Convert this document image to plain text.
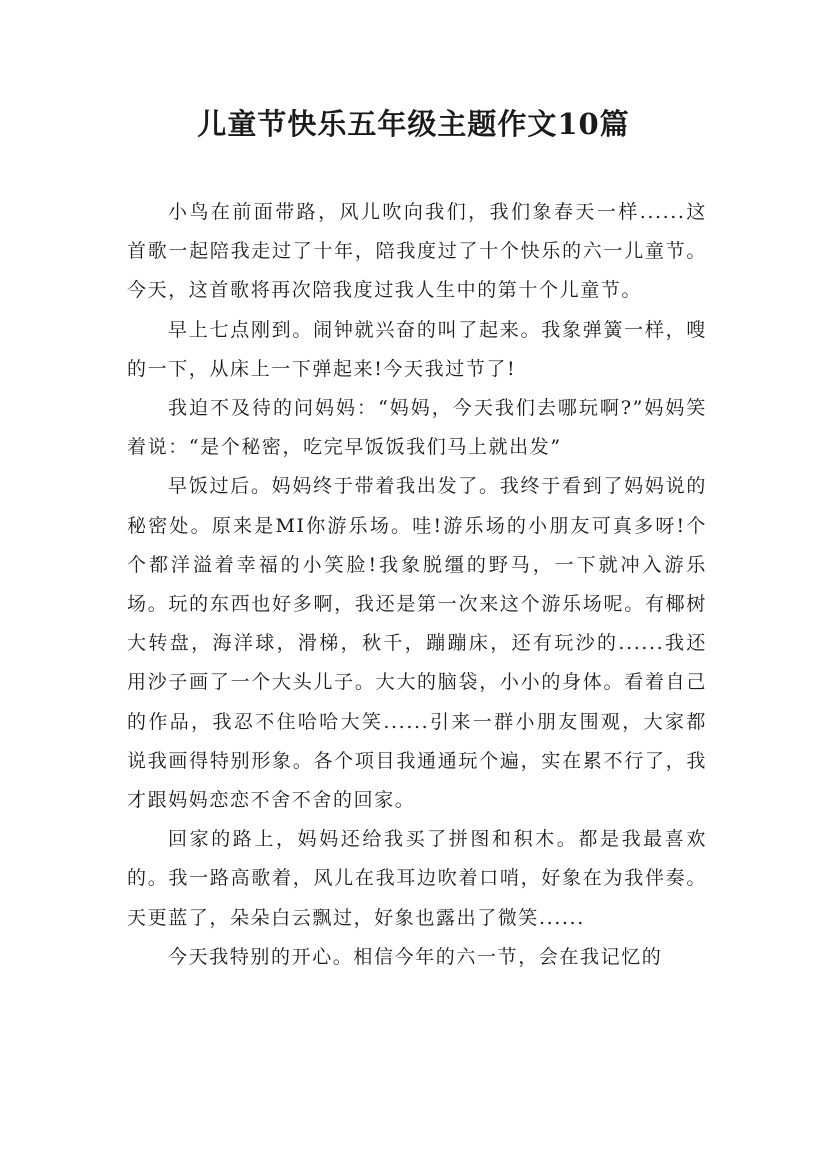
儿童节快乐五年级主题作文10篇

小鸟在前面带路，风儿吹向我们，我们象春天一样......这首歌一起陪我走过了十年，陪我度过了十个快乐的六一儿童节。今天，这首歌将再次陪我度过我人生中的第十个儿童节。

早上七点刚到。闹钟就兴奋的叫了起来。我象弹簧一样，嗖的一下，从床上一下弹起来!今天我过节了!

我迫不及待的问妈妈：“妈妈，今天我们去哪玩啊?”妈妈笑着说：“是个秘密，吃完早饭饭我们马上就出发”

早饭过后。妈妈终于带着我出发了。我终于看到了妈妈说的秘密处。原来是MI你游乐场。哇!游乐场的小朋友可真多呀!个个都洋溢着幸福的小笑脸!我象脱缰的野马，一下就冲入游乐场。玩的东西也好多啊，我还是第一次来这个游乐场呢。有椰树大转盘，海洋球，滑梯，秋千，蹦蹦床，还有玩沙的......我还用沙子画了一个大头儿子。大大的脑袋，小小的身体。看着自己的作品，我忍不住哈哈大笑......引来一群小朋友围观，大家都说我画得特别形象。各个项目我通通玩个遍，实在累不行了，我才跟妈妈恋恋不舍不舍的回家。

回家的路上，妈妈还给我买了拼图和积木。都是我最喜欢的。我一路高歌着，风儿在我耳边吹着口哨，好象在为我伴奏。天更蓝了，朵朵白云飘过，好象也露出了微笑......

今天我特别的开心。相信今年的六一节，会在我记忆的
